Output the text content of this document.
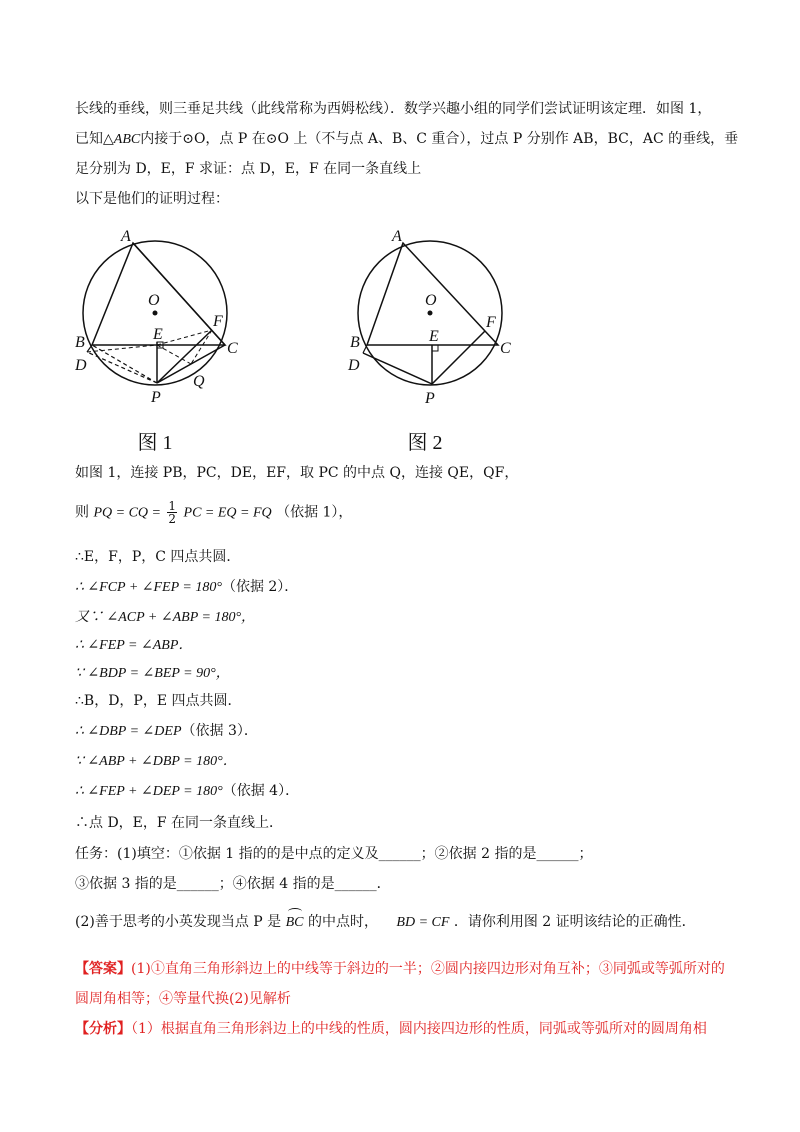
长线的垂线，则三垂足共线（此线常称为西姆松线）．数学兴趣小组的同学们尝试证明该定理．如图 1，
已知△ABC内接于⊙O，点 P 在⊙O 上（不与点 A、B、C 重合），过点 P 分别作 AB，BC，AC 的垂线，垂
足分别为 D，E，F 求证：点 D，E，F 在同一条直线上
以下是他们的证明过程：
A
O
E
F
B	C
D
P
Q
图 1
A
O
E
F
B	C
D
P
图 2
如图 1，连接 PB，PC，DE，EF，取 PC 的中点 Q，连接 QE，QF，
则 PQ = CQ = $\frac{1}{2}$ PC = EQ = FQ （依据 1），
∴E，F，P，C 四点共圆．
∴ ∠FCP + ∠FEP = 180°（依据 2）．
又∵ ∠ACP + ∠ABP = 180°，
∴ ∠FEP = ∠ABP．
∵ ∠BDP = ∠BEP = 90°，
∴B，D，P，E 四点共圆．
∴ ∠DBP = ∠DEP（依据 3）．
∵ ∠ABP + ∠DBP = 180°．
∴ ∠FEP + ∠DEP = 180°（依据 4）．
∴点 D，E，F 在同一条直线上．
任务：(1)填空：①依据 1 指的的是中点的定义及______；②依据 2 指的是______；
③依据 3 指的是______；④依据 4 指的是______．
(2)善于思考的小英发现当点 P 是 BC 的中点时， BD = CF ．请你利用图 2 证明该结论的正确性．
【答案】(1)①直角三角形斜边上的中线等于斜边的一半；②圆内接四边形对角互补；③同弧或等弧所对的
圆周角相等；④等量代换(2)见解析
【分析】（1）根据直角三角形斜边上的中线的性质，圆内接四边形的性质，同弧或等弧所对的圆周角相
